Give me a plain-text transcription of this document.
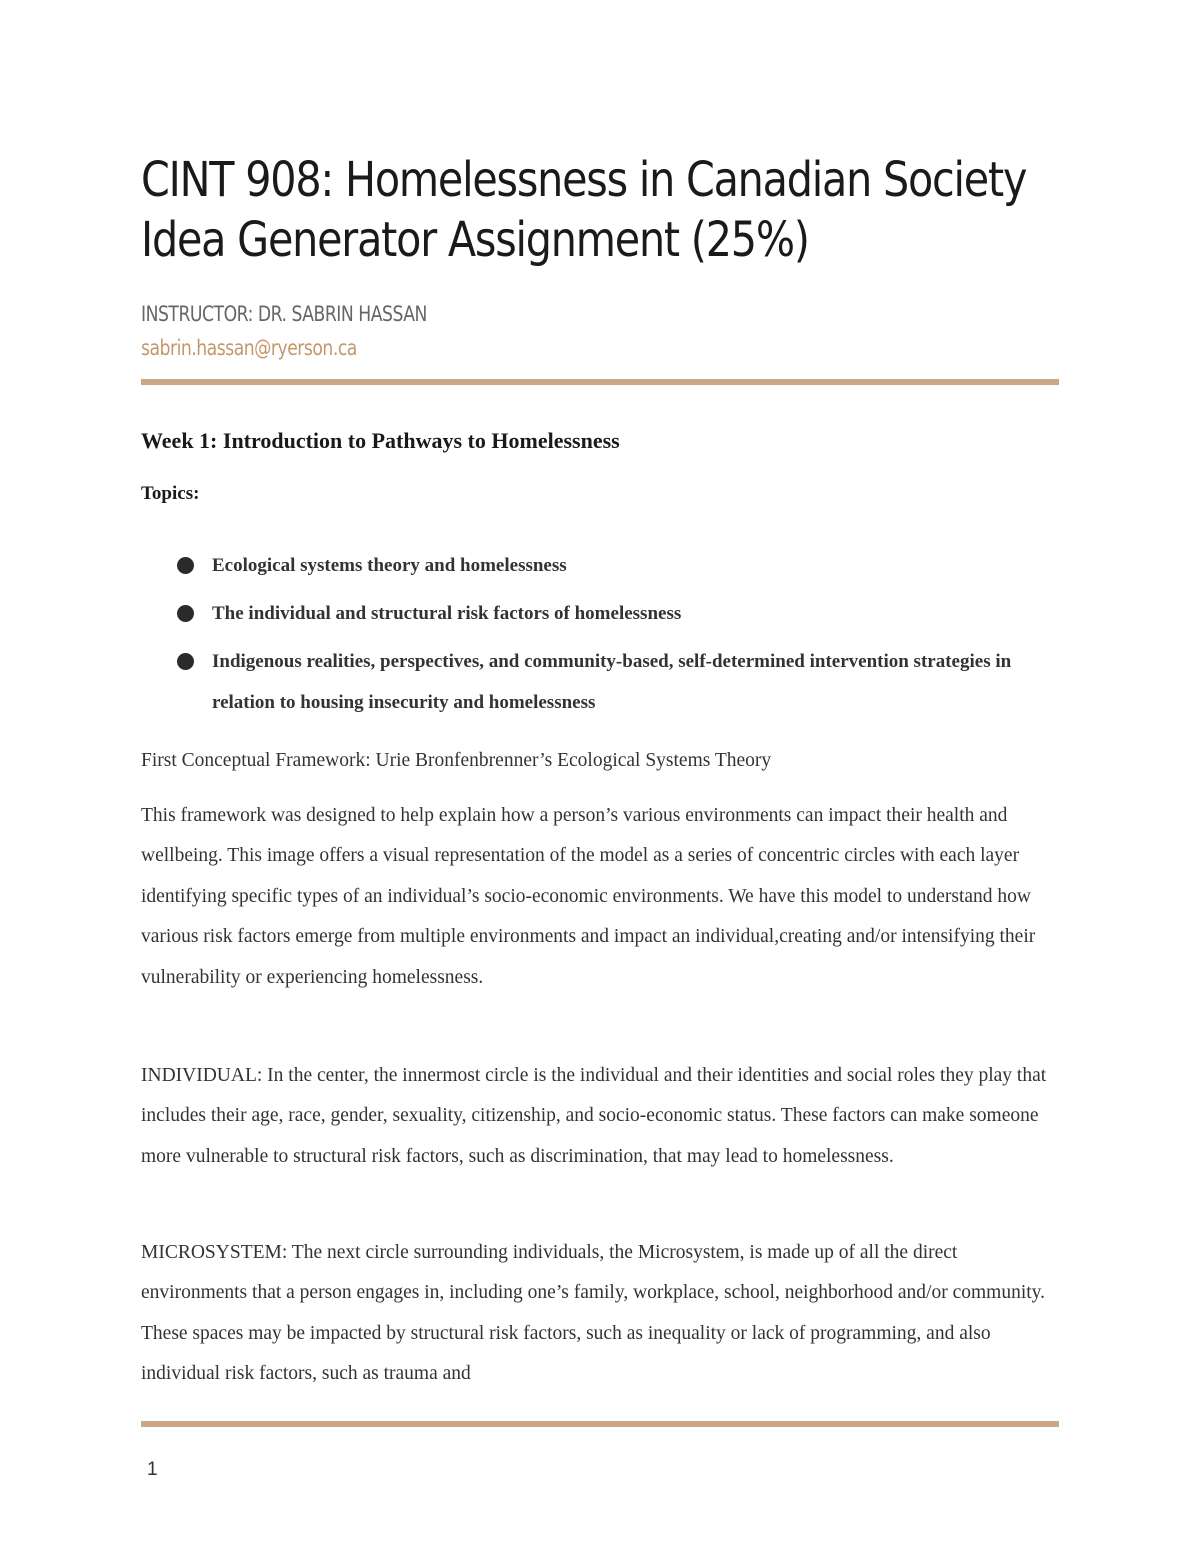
CINT 908: Homelessness in Canadian Society
Idea Generator Assignment (25%)
INSTRUCTOR: DR. SABRIN HASSAN
sabrin.hassan@ryerson.ca
Week 1: Introduction to Pathways to Homelessness
Topics:
Ecological systems theory and homelessness
The individual and structural risk factors of homelessness
Indigenous realities, perspectives, and community-based, self-determined intervention strategies in relation to housing insecurity and homelessness

First Conceptual Framework: Urie Bronfenbrenner’s Ecological Systems Theory

This framework was designed to help explain how a person’s various environments can impact their health and wellbeing. This image offers a visual representation of the model as a series of concentric circles with each layer identifying specific types of an individual’s socio-economic environments. We have this model to understand how various risk factors emerge from multiple environments and impact an individual,creating and/or intensifying their vulnerability or experiencing homelessness.

INDIVIDUAL: In the center, the innermost circle is the individual and their identities and social roles they play that includes their age, race, gender, sexuality, citizenship, and socio-economic status. These factors can make someone more vulnerable to structural risk factors, such as discrimination, that may lead to homelessness.

MICROSYSTEM: The next circle surrounding individuals, the Microsystem, is made up of all the direct environments that a person engages in, including one’s family, workplace, school, neighborhood and/or community. These spaces may be impacted by structural risk factors, such as inequality or lack of programming, and also individual risk factors, such as trauma and

1
